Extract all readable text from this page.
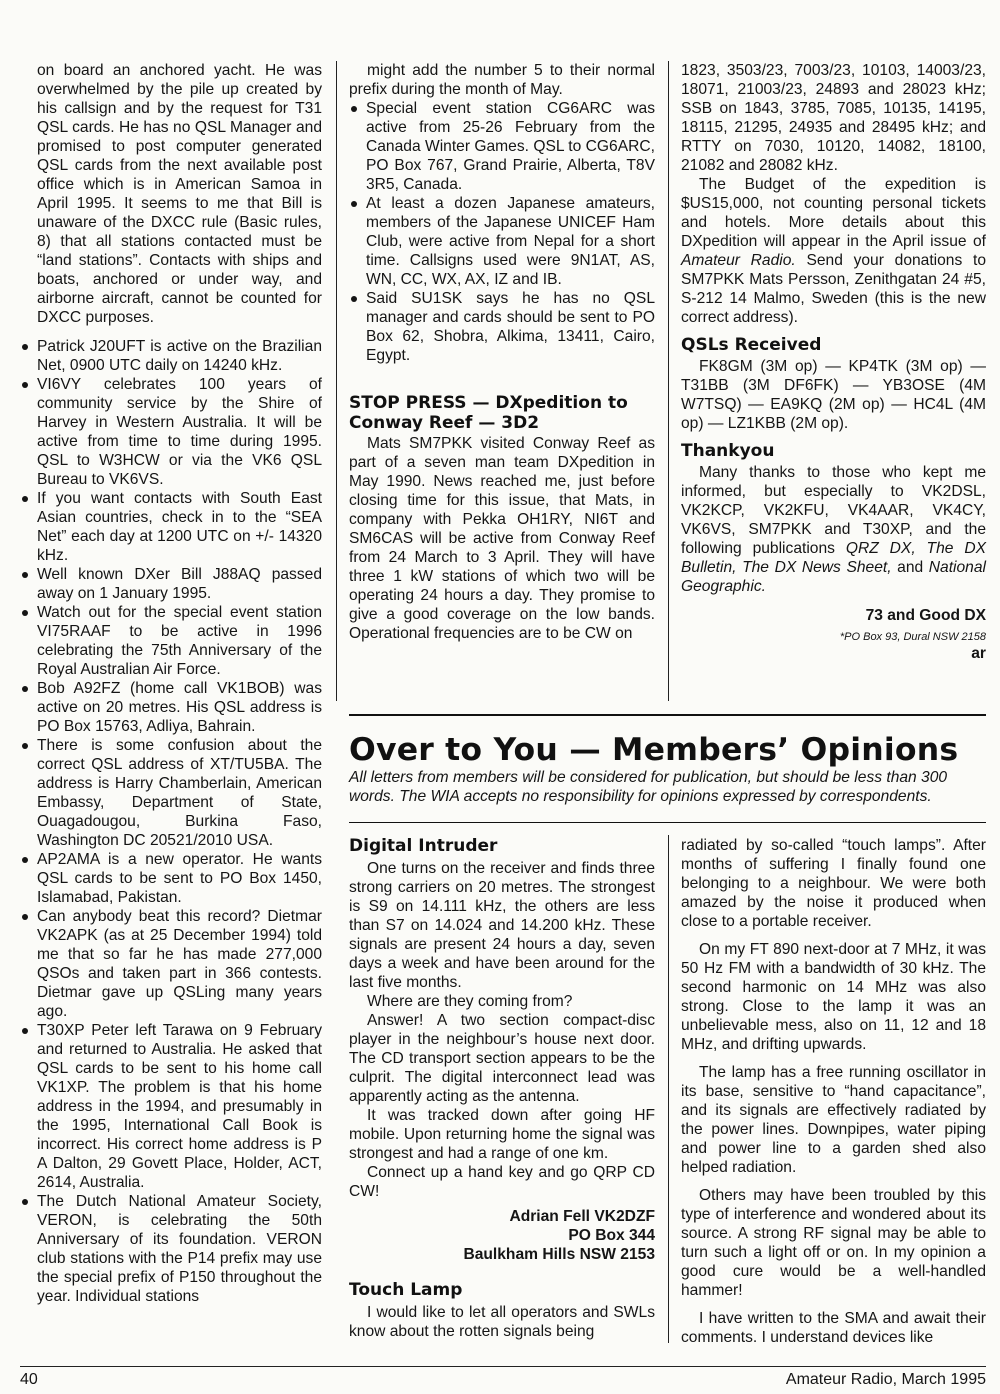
on board an anchored yacht. He was overwhelmed by the pile up created by his callsign and by the request for T31 QSL cards. He has no QSL Manager and promised to post computer generated QSL cards from the next available post office which is in American Samoa in April 1995. It seems to me that Bill is unaware of the DXCC rule (Basic rules, 8) that all stations contacted must be “land stations”. Contacts with ships and boats, anchored or under way, and airborne aircraft, cannot be counted for DXCC purposes.

Patrick J20UFT is active on the Brazilian Net, 0900 UTC daily on 14240 kHz.
VI6VY celebrates 100 years of community service by the Shire of Harvey in Western Australia. It will be active from time to time during 1995. QSL to W3HCW or via the VK6 QSL Bureau to VK6VS.
If you want contacts with South East Asian countries, check in to the “SEA Net” each day at 1200 UTC on +/- 14320 kHz.
Well known DXer Bill J88AQ passed away on 1 January 1995.
Watch out for the special event station VI75RAAF to be active in 1996 celebrating the 75th Anniversary of the Royal Australian Air Force.
Bob A92FZ (home call VK1BOB) was active on 20 metres. His QSL address is PO Box 15763, Adliya, Bahrain.
There is some confusion about the correct QSL address of XT/TU5BA. The address is Harry Chamberlain, American Embassy, Department of State, Ouagadougou, Burkina Faso, Washington DC 20521/2010 USA.
AP2AMA is a new operator. He wants QSL cards to be sent to PO Box 1450, Islamabad, Pakistan.
Can anybody beat this record? Dietmar VK2APK (as at 25 December 1994) told me that so far he has made 277,000 QSOs and taken part in 366 contests. Dietmar gave up QSLing many years ago.
T30XP Peter left Tarawa on 9 February and returned to Australia. He asked that QSL cards to be sent to his home call VK1XP. The problem is that his home address in the 1994, and presumably in the 1995, International Call Book is incorrect. His correct home address is P A Dalton, 29 Govett Place, Holder, ACT, 2614, Australia.
The Dutch National Amateur Society, VERON, is celebrating the 50th Anniversary of its foundation. VERON club stations with the P14 prefix may use the special prefix of P150 throughout the year. Individual stations

might add the number 5 to their normal prefix during the month of May.

Special event station CG6ARC was active from 25-26 February from the Canada Winter Games. QSL to CG6ARC, PO Box 767, Grand Prairie, Alberta, T8V 3R5, Canada.
At least a dozen Japanese amateurs, members of the Japanese UNICEF Ham Club, were active from Nepal for a short time. Callsigns used were 9N1AT, AS, WN, CC, WX, AX, IZ and IB.
Said SU1SK says he has no QSL manager and cards should be sent to PO Box 62, Shobra, Alkima, 13411, Cairo, Egypt.
STOP PRESS — DXpedition to Conway Reef — 3D2

Mats SM7PKK visited Conway Reef as part of a seven man team DXpedition in May 1990. News reached me, just before closing time for this issue, that Mats, in company with Pekka OH1RY, NI6T and SM6CAS will be active from Conway Reef from 24 March to 3 April. They will have three 1 kW stations of which two will be operating 24 hours a day. They promise to give a good coverage on the low bands. Operational frequencies are to be CW on

1823, 3503/23, 7003/23, 10103, 14003/23, 18071, 21003/23, 24893 and 28023 kHz; SSB on 1843, 3785, 7085, 10135, 14195, 18115, 21295, 24935 and 28495 kHz; and RTTY on 7030, 10120, 14082, 18100, 21082 and 28082 kHz.

The Budget of the expedition is $US15,000, not counting personal tickets and hotels. More details about this DXpedition will appear in the April issue of Amateur Radio. Send your donations to SM7PKK Mats Persson, Zenithgatan 24 #5, S-212 14 Malmo, Sweden (this is the new correct address).

QSLs Received

FK8GM (3M op) — KP4TK (3M op) — T31BB (3M DF6FK) — YB3OSE (4M W7TSQ) — EA9KQ (2M op) — HC4L (4M op) — LZ1KBB (2M op).

Thankyou

Many thanks to those who kept me informed, but especially to VK2DSL, VK2KCP, VK2KFU, VK4AAR, VK4CY, VK6VS, SM7PKK and T30XP, and the following publications QRZ DX, The DX Bulletin, The DX News Sheet, and National Geographic.

73 and Good DX

*PO Box 93, Dural NSW 2158

ar

Over to You — Members’ Opinions
All letters from members will be considered for publication, but should be less than 300 words. The WIA accepts no responsibility for opinions expressed by correspondents.
Digital Intruder

One turns on the receiver and finds three strong carriers on 20 metres. The strongest is S9 on 14.111 kHz, the others are less than S7 on 14.024 and 14.200 kHz. These signals are present 24 hours a day, seven days a week and have been around for the last five months.

Where are they coming from?

Answer! A two section compact-disc player in the neighbour’s house next door. The CD transport section appears to be the culprit. The digital interconnect lead was apparently acting as the antenna.

It was tracked down after going HF mobile. Upon returning home the signal was strongest and had a range of one km.

Connect up a hand key and go QRP CD CW!

Adrian Fell VK2DZF

PO Box 344

Baulkham Hills NSW 2153

Touch Lamp

I would like to let all operators and SWLs know about the rotten signals being

radiated by so-called “touch lamps”. After months of suffering I finally found one belonging to a neighbour. We were both amazed by the noise it produced when close to a portable receiver.

On my FT 890 next-door at 7 MHz, it was 50 Hz FM with a bandwidth of 30 kHz. The second harmonic on 14 MHz was also strong. Close to the lamp it was an unbelievable mess, also on 11, 12 and 18 MHz, and drifting upwards.

The lamp has a free running oscillator in its base, sensitive to “hand capacitance”, and its signals are effectively radiated by the power lines. Downpipes, water piping and power line to a garden shed also helped radiation.

Others may have been troubled by this type of interference and wondered about its source. A strong RF signal may be able to turn such a light off or on. In my opinion a good cure would be a well-handled hammer!

I have written to the SMA and await their comments. I understand devices like

40	Amateur Radio, March 1995
